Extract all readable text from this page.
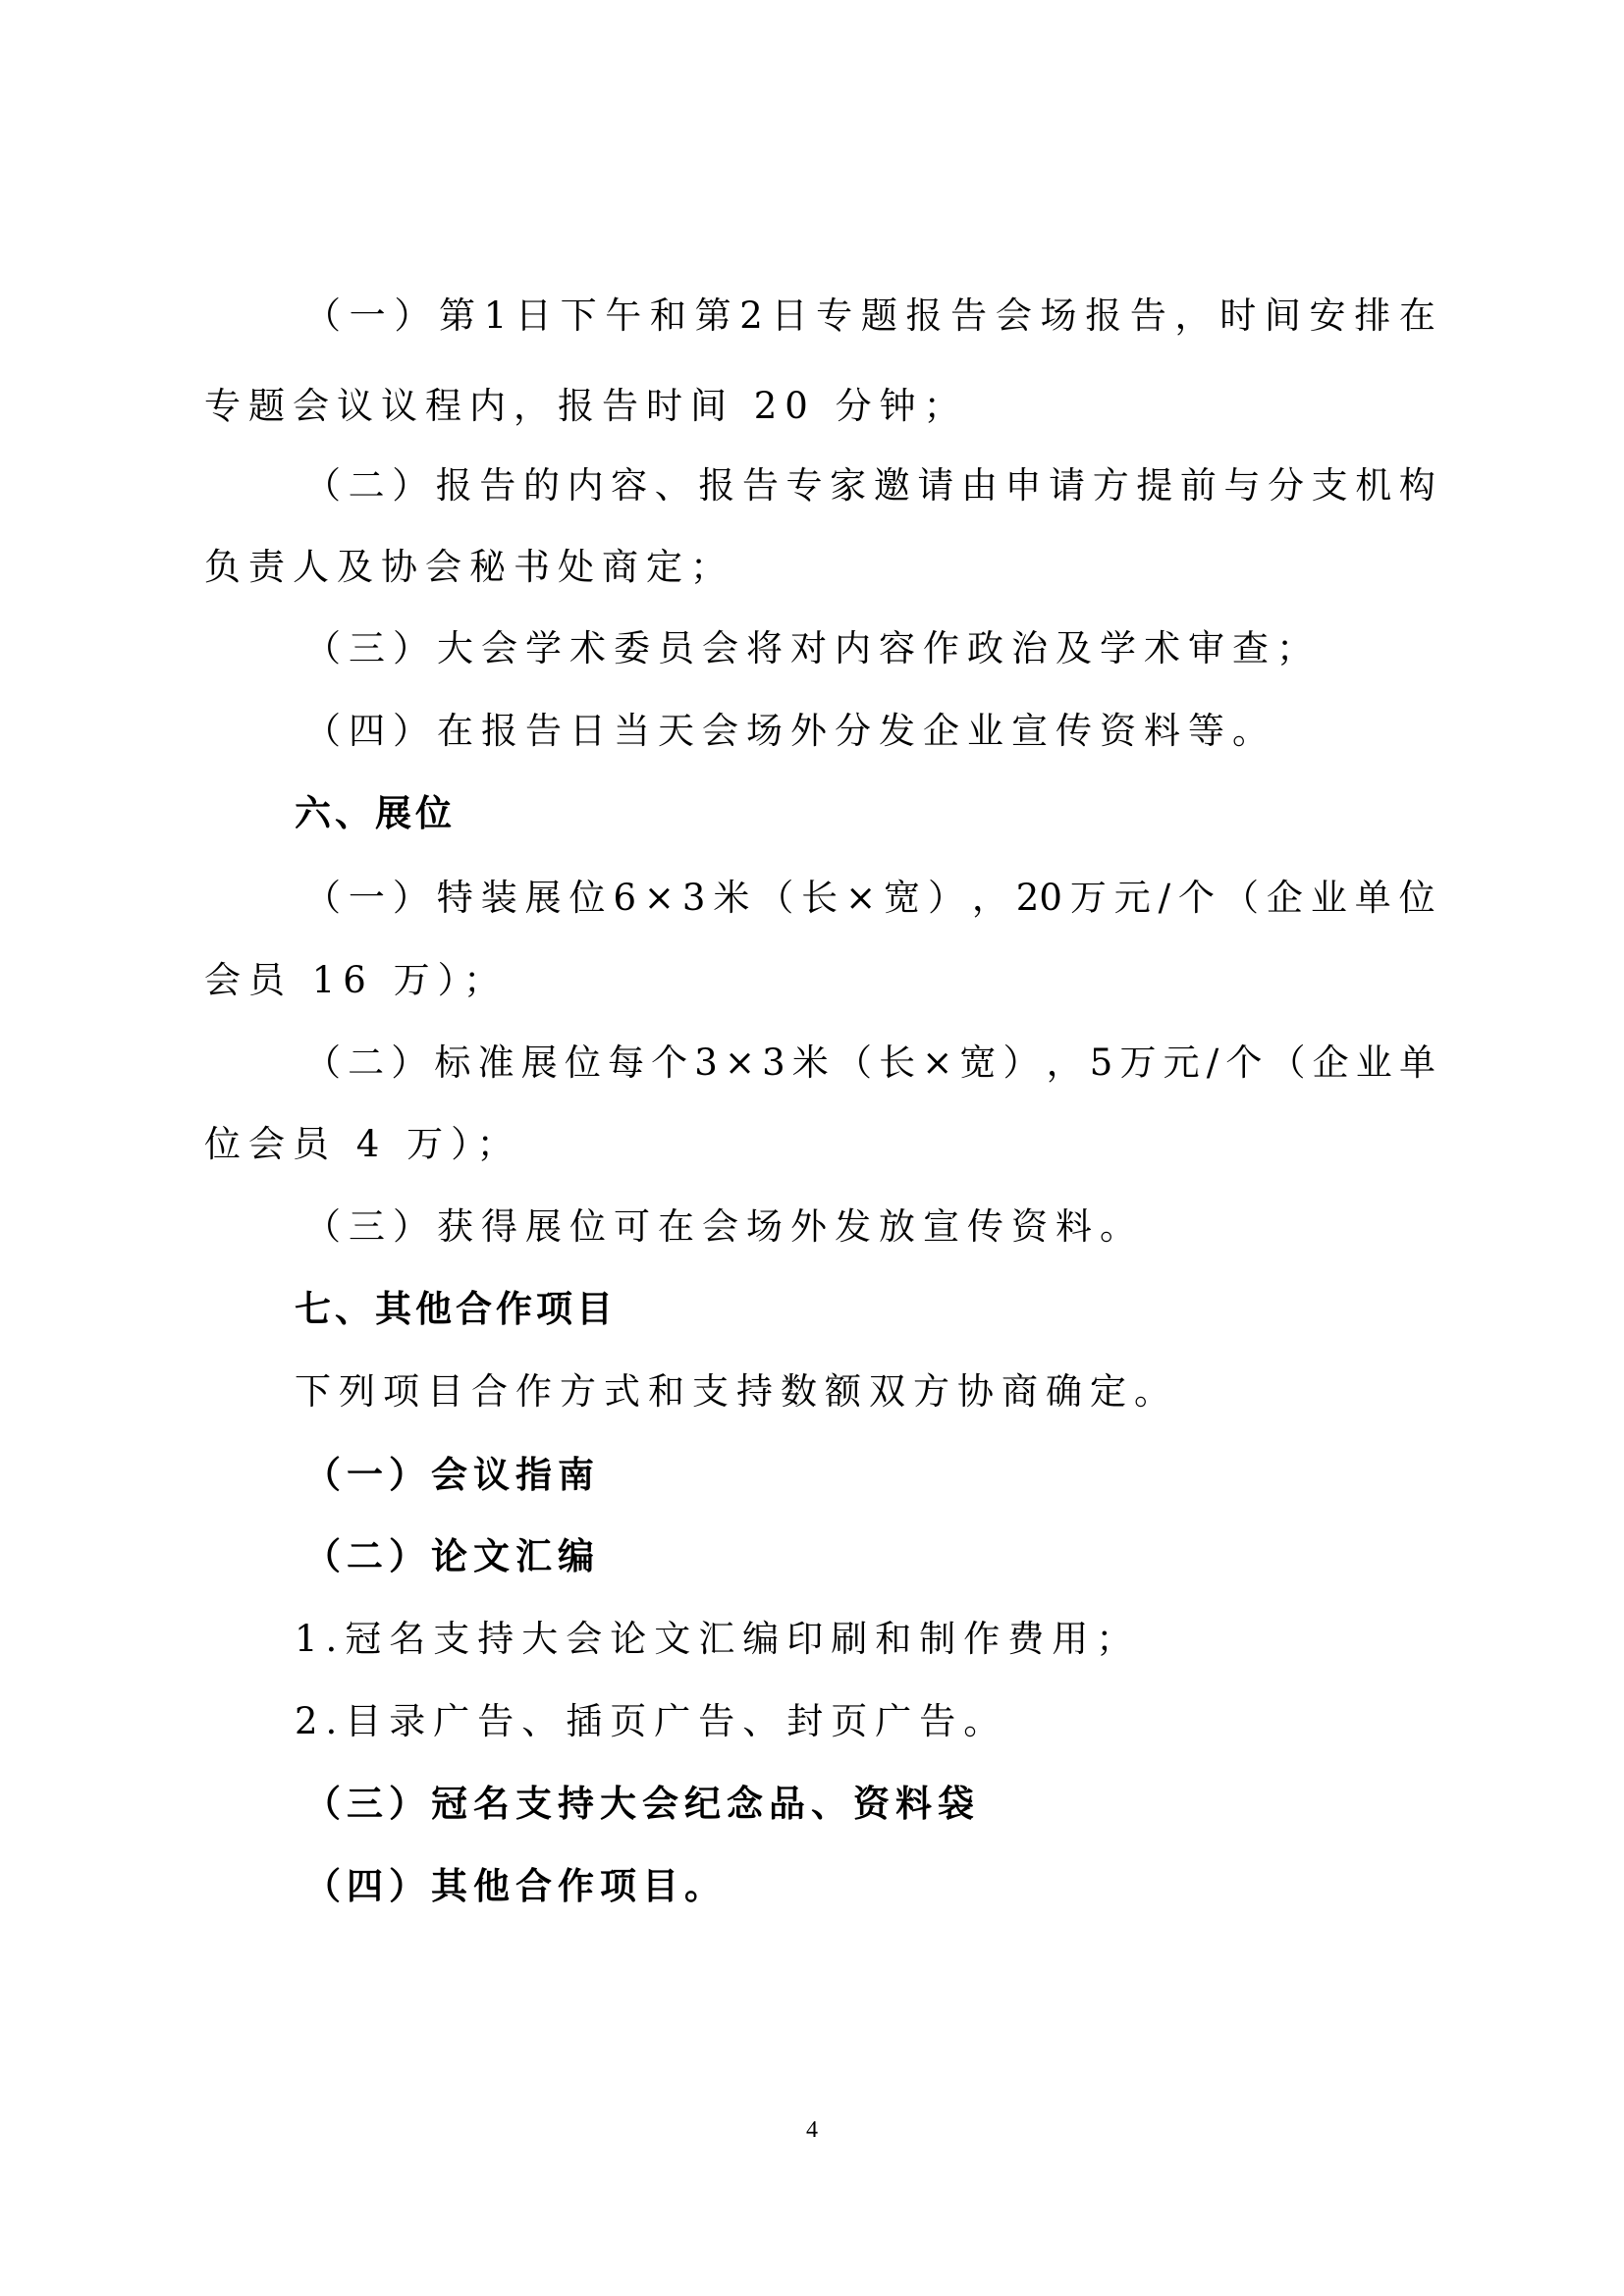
（ 一 ） 第 1 日 下 午 和 第 2 日 专 题 报 告 会 场 报 告 ， 时 间 安 排 在
专题会议议程内，报告时间 20 分钟；
（ 二 ） 报 告 的 内 容 、 报 告 专 家 邀 请 由 申 请 方 提 前 与 分 支 机 构
负责人及协会秘书处商定；
（三）大会学术委员会将对内容作政治及学术审查；
（四）在报告日当天会场外分发企业宣传资料等。
六、展位
（ 一 ） 特 装 展 位 6 × 3 米 （ 长 × 宽 ） ， 20 万 元 / 个 （ 企 业 单 位
会员 16 万）；
（ 二 ） 标 准 展 位 每 个 3 × 3 米 （ 长 × 宽 ） ， 5 万 元 / 个 （ 企 业 单
位会员 4 万）；
（三）获得展位可在会场外发放宣传资料。
七、其他合作项目
下列项目合作方式和支持数额双方协商确定。
（一）会议指南
（二）论文汇编
1.冠名支持大会论文汇编印刷和制作费用；
2.目录广告、插页广告、封页广告。
（三）冠名支持大会纪念品、资料袋
（四）其他合作项目。
4
